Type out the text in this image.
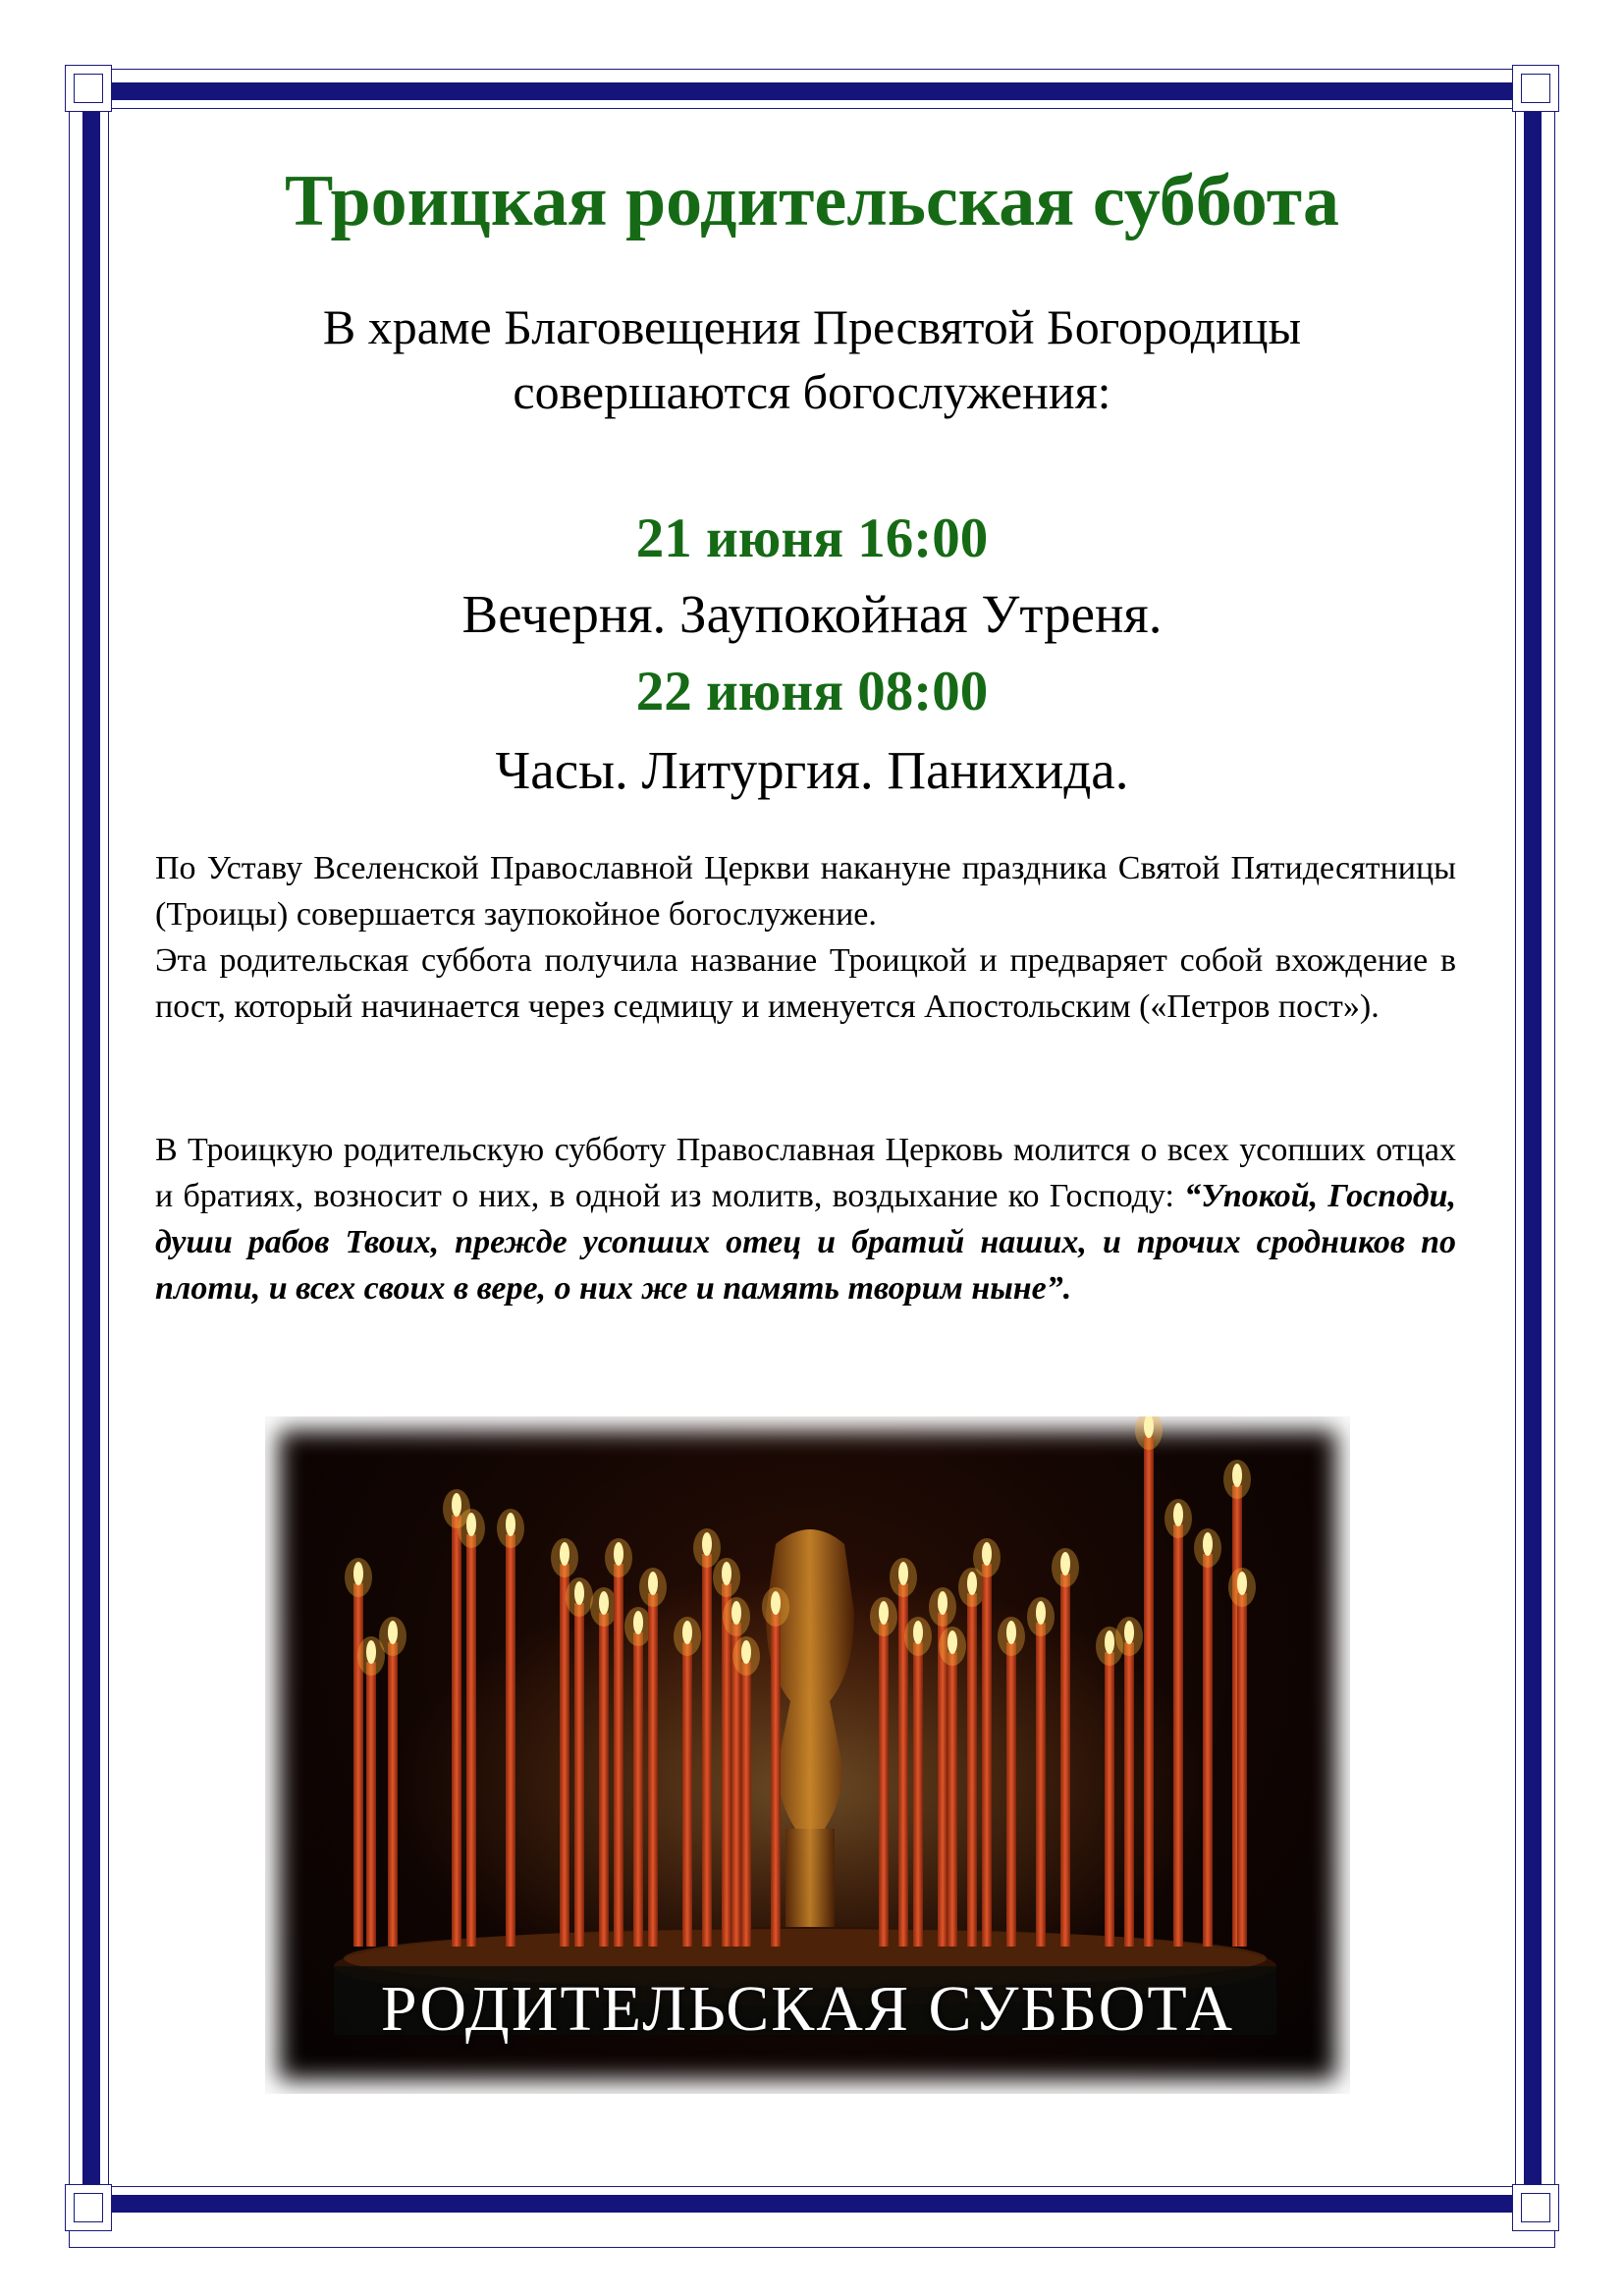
Троицкая родительская суббота
В храме Благовещения Пресвятой Богородицы
совершаются богослужения:
21 июня 16:00
Вечерня. Заупокойная Утреня.
22 июня 08:00
Часы. Литургия. Панихида.

По Уставу Вселенской Православной Церкви накануне праздника Святой Пятидесятницы (Троицы) совершается заупокойное богослужение.

Эта родительская суббота получила название Троицкой и предваряет собой вхождение в пост, который начинается через седмицу и именуется Апостольским («Петров пост»).

В Троицкую родительскую субботу Православная Церковь молится о всех усопших отцах и братиях, возносит о них, в одной из молитв, воздыхание ко Господу: “Упокой, Господи, души рабов Твоих, прежде усопших отец и братий наших, и прочих сродников по плоти, и всех своих в вере, о них же и память творим ныне”.

РОДИТЕЛЬСКАЯ СУББОТА
